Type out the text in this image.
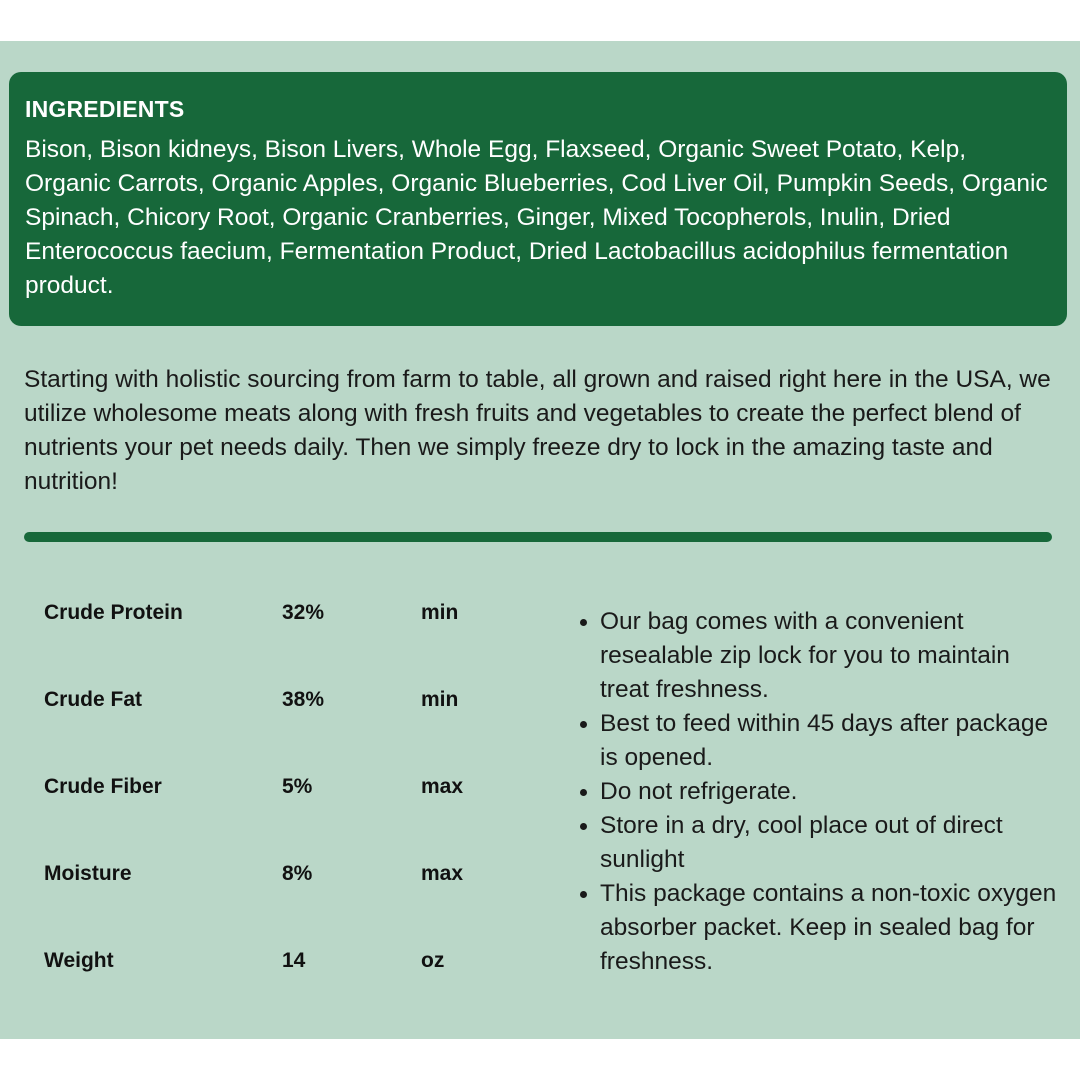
INGREDIENTS

Bison, Bison kidneys, Bison Livers, Whole Egg, Flaxseed, Organic Sweet Potato, Kelp, Organic Carrots, Organic Apples, Organic Blueberries, Cod Liver Oil, Pumpkin Seeds, Organic Spinach, Chicory Root, Organic Cranberries, Ginger, Mixed Tocopherols, Inulin, Dried Enterococcus faecium, Fermentation Product, Dried Lactobacillus acidophilus fermentation product.

Starting with holistic sourcing from farm to table, all grown and raised right here in the USA, we utilize wholesome meats along with fresh fruits and vegetables to create the perfect blend of nutrients your pet needs daily. Then we simply freeze dry to lock in the amazing taste and nutrition!

Crude Protein	32%	min
Crude Fat	38%	min
Crude Fiber	5%	max
Moisture	8%	max
Weight	14	oz
Our bag comes with a convenient resealable zip lock for you to maintain treat freshness.
Best to feed within 45 days after package is opened.
Do not refrigerate.
Store in a dry, cool place out of direct sunlight
This package contains a non-toxic oxygen absorber packet. Keep in sealed bag for freshness.
